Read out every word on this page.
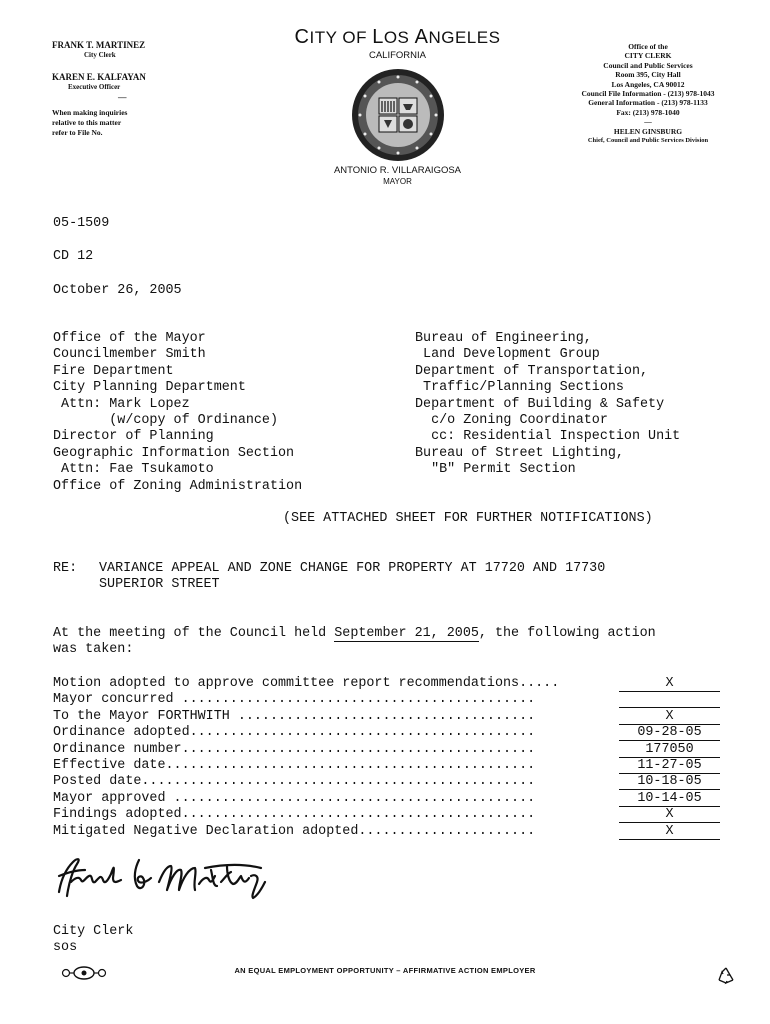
FRANK T. MARTINEZ
City Clerk
KAREN E. KALFAYAN
Executive Officer
—
When making inquiries
relative to this matter
refer to File No.
CITY OF LOS ANGELES
CALIFORNIA
ANTONIO R. VILLARAIGOSA
MAYOR
Office of the
CITY CLERK
Council and Public Services
Room 395, City Hall
Los Angeles, CA 90012
Council File Information - (213) 978-1043
General Information - (213) 978-1133
Fax: (213) 978-1040
—
HELEN GINSBURG
Chief, Council and Public Services Division
05-1509
CD 12
October 26, 2005
Office of the Mayor
Councilmember Smith
Fire Department
City Planning Department
Attn: Mark Lopez
(w/copy of Ordinance)
Director of Planning
Geographic Information Section
Attn: Fae Tsukamoto
Office of Zoning Administration
Bureau of Engineering,
Land Development Group
Department of Transportation,
Traffic/Planning Sections
Department of Building & Safety
c/o Zoning Coordinator
cc: Residential Inspection Unit
Bureau of Street Lighting,
"B" Permit Section
(SEE ATTACHED SHEET FOR FURTHER NOTIFICATIONS)
RE: VARIANCE APPEAL AND ZONE CHANGE FOR PROPERTY AT 17720 AND 17730
SUPERIOR STREET
At the meeting of the Council held September 21, 2005, the following action
was taken:
Motion adopted to approve committee report recommendations.....	X
Mayor concurred ............................................
To the Mayor FORTHWITH .....................................	X
Ordinance adopted...........................................	09-28-05
Ordinance number............................................	177050
Effective date..............................................	11-27-05
Posted date.................................................	10-18-05
Mayor approved .............................................	10-14-05
Findings adopted............................................	X
Mitigated Negative Declaration adopted......................	X
City Clerk
sos
AN EQUAL EMPLOYMENT OPPORTUNITY – AFFIRMATIVE ACTION EMPLOYER
